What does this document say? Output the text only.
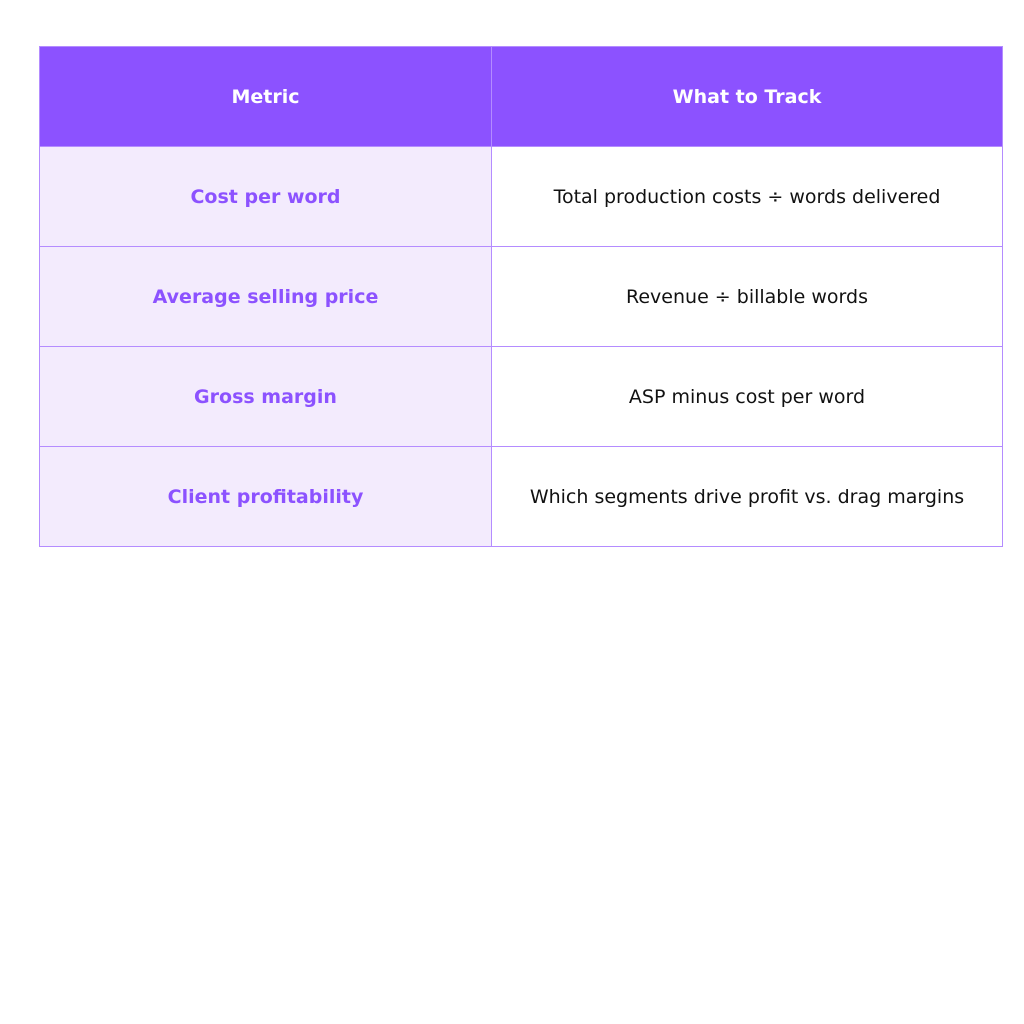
Metric	What to Track
Cost per word	Total production costs ÷ words delivered
Average selling price	Revenue ÷ billable words
Gross margin	ASP minus cost per word
Client profitability	Which segments drive profit vs. drag margins
